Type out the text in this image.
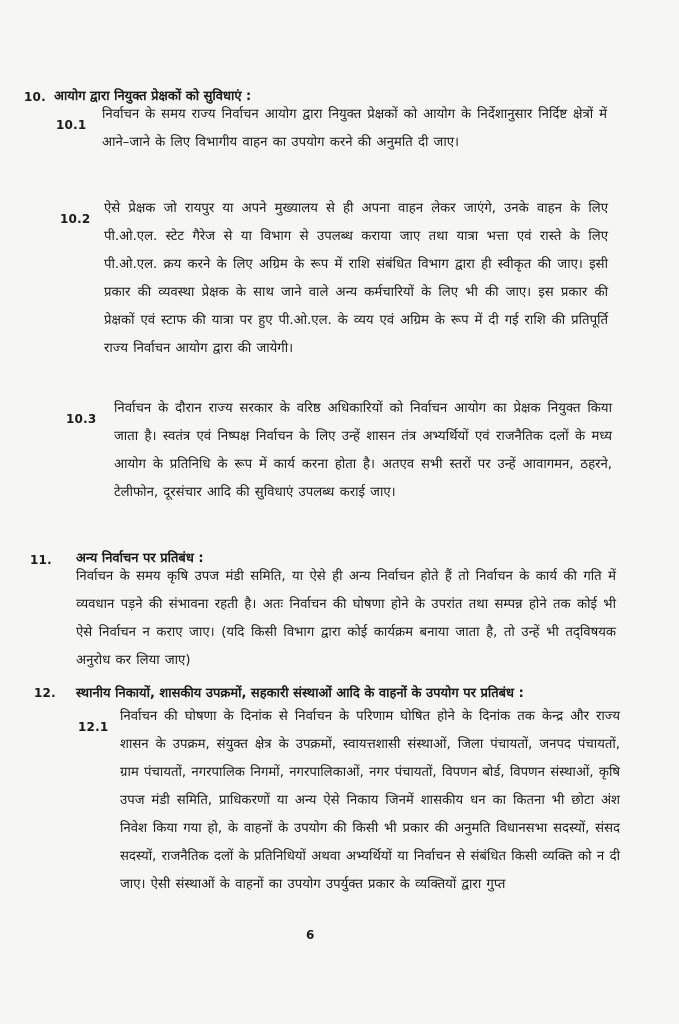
10. आयोग द्वारा नियुक्त प्रेक्षकों को सुविधाएं :
10.1
निर्वाचन के समय राज्य निर्वाचन आयोग द्वारा नियुक्त प्रेक्षकों को आयोग के निर्देशानुसार निर्दिष्ट क्षेत्रों में आने–जाने के लिए विभागीय वाहन का उपयोग करने की अनुमति दी जाए।
10.2
ऐसे प्रेक्षक जो रायपुर या अपने मुख्यालय से ही अपना वाहन लेकर जाएंगे, उनके वाहन के लिए पी.ओ.एल. स्टेट गैरेज से या विभाग से उपलब्ध कराया जाए तथा यात्रा भत्ता एवं रास्ते के लिए पी.ओ.एल. क्रय करने के लिए अग्रिम के रूप में राशि संबंधित विभाग द्वारा ही स्वीकृत की जाए। इसी प्रकार की व्यवस्था प्रेक्षक के साथ जाने वाले अन्य कर्मचारियों के लिए भी की जाए। इस प्रकार की प्रेक्षकों एवं स्टाफ की यात्रा पर हुए पी.ओ.एल. के व्यय एवं अग्रिम के रूप में दी गई राशि की प्रतिपूर्ति राज्य निर्वाचन आयोग द्वारा की जायेगी।
10.3
निर्वाचन के दौरान राज्य सरकार के वरिष्ठ अधिकारियों को निर्वाचन आयोग का प्रेक्षक नियुक्त किया जाता है। स्वतंत्र एवं निष्पक्ष निर्वाचन के लिए उन्हें शासन तंत्र अभ्यर्थियों एवं राजनैतिक दलों के मध्य आयोग के प्रतिनिधि के रूप में कार्य करना होता है। अतएव सभी स्तरों पर उन्हें आवागमन, ठहरने, टेलीफोन, दूरसंचार आदि की सुविधाएं उपलब्ध कराई जाए।
11. अन्य निर्वाचन पर प्रतिबंध :
निर्वाचन के समय कृषि उपज मंडी समिति, या ऐसे ही अन्य निर्वाचन होते हैं तो निर्वाचन के कार्य की गति में व्यवधान पड़ने की संभावना रहती है। अतः निर्वाचन की घोषणा होने के उपरांत तथा सम्पन्न होने तक कोई भी ऐसे निर्वाचन न कराए जाए। (यदि किसी विभाग द्वारा कोई कार्यक्रम बनाया जाता है, तो उन्हें भी तद्‌विषयक अनुरोध कर लिया जाए)
12. स्थानीय निकायों, शासकीय उपक्रमों, सहकारी संस्थाओं आदि के वाहनों के उपयोग पर प्रतिबंध :
12.1
निर्वाचन की घोषणा के दिनांक से निर्वाचन के परिणाम घोषित होने के दिनांक तक केन्द्र और राज्य शासन के उपक्रम, संयुक्त क्षेत्र के उपक्रमों, स्वायत्तशासी संस्थाओं, जिला पंचायतों, जनपद पंचायतों, ग्राम पंचायतों, नगरपालिक निगमों, नगरपालिकाओं, नगर पंचायतों, विपणन बोर्ड, विपणन संस्थाओं, कृषि उपज मंडी समिति, प्राधिकरणों या अन्य ऐसे निकाय जिनमें शासकीय धन का कितना भी छोटा अंश निवेश किया गया हो, के वाहनों के उपयोग की किसी भी प्रकार की अनुमति विधानसभा सदस्यों, संसद सदस्यों, राजनैतिक दलों के प्रतिनिधियों अथवा अभ्यर्थियों या निर्वाचन से संबंधित किसी व्यक्ति को न दी जाए। ऐसी संस्थाओं के वाहनों का उपयोग उपर्युक्त प्रकार के व्यक्तियों द्वारा गुप्त
6
